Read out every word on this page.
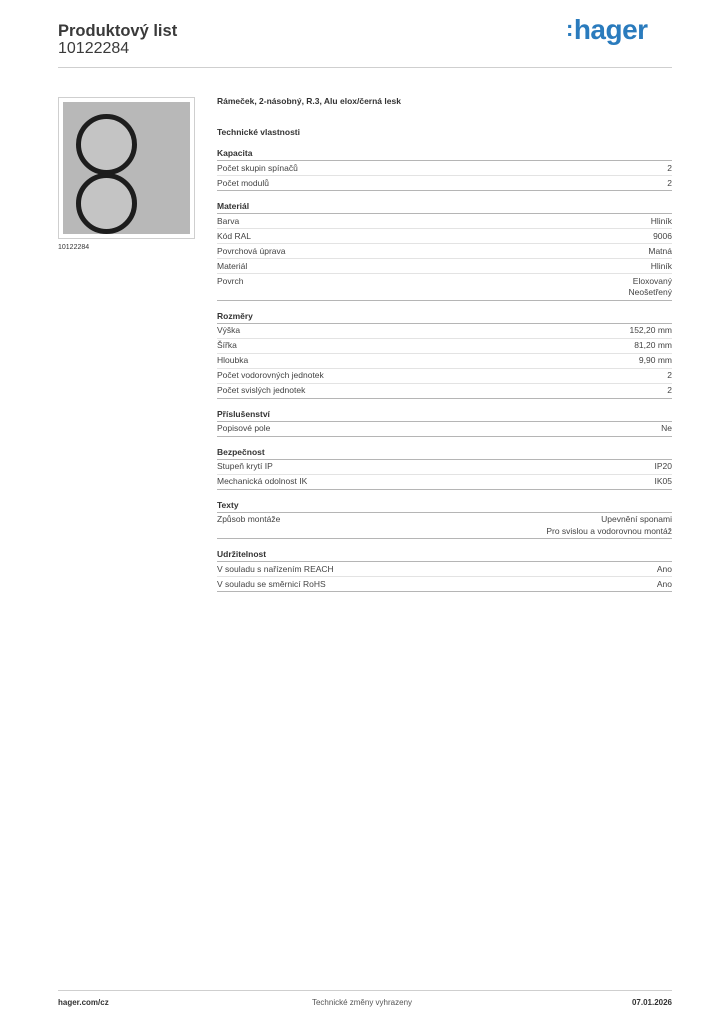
Produktový list
10122284
:hager
10122284
Rámeček, 2-násobný, R.3, Alu elox/černá lesk
Technické vlastnosti
Kapacita
Počet skupin spínačů	2
Počet modulů	2
Materiál
Barva	Hliník
Kód RAL	9006
Povrchová úprava	Matná
Materiál	Hliník
Povrch	Eloxovaný
Neošetřený
Rozměry
Výška	152,20 mm
Šířka	81,20 mm
Hloubka	9,90 mm
Počet vodorovných jednotek	2
Počet svislých jednotek	2
Příslušenství
Popisové pole	Ne
Bezpečnost
Stupeň krytí IP	IP20
Mechanická odolnost IK	IK05
Texty
Způsob montáže	Upevnění sponami
Pro svislou a vodorovnou montáž
Udržitelnost
V souladu s nařízením REACH	Ano
V souladu se směrnicí RoHS	Ano
hager.com/cz	Technické změny vyhrazeny	07.01.2026
